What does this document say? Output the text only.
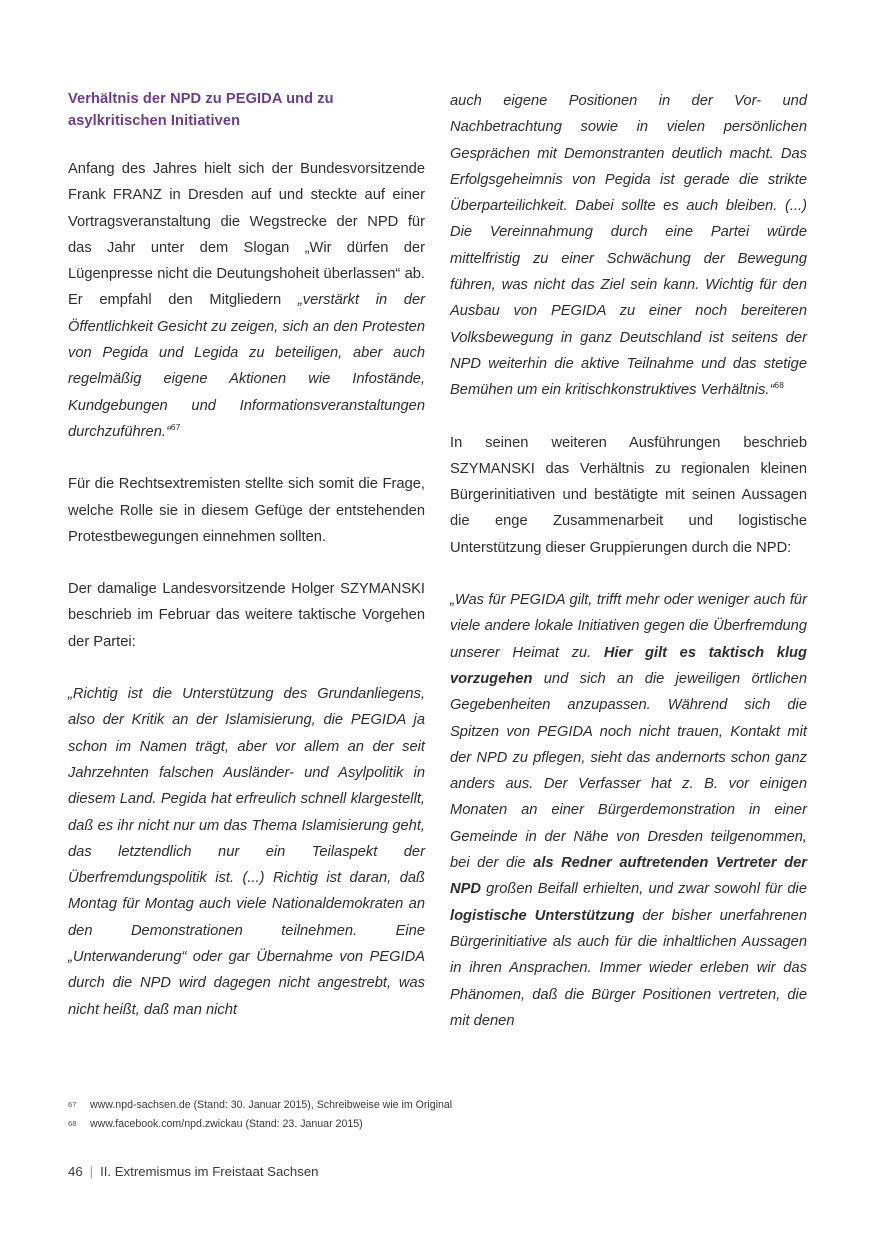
Verhältnis der NPD zu PEGIDA und zu asylkritischen Initiativen

Anfang des Jahres hielt sich der Bundesvorsitzende Frank FRANZ in Dresden auf und steckte auf einer Vortragsveranstaltung die Wegstrecke der NPD für das Jahr unter dem Slogan „Wir dürfen der Lügenpresse nicht die Deutungshoheit überlassen“ ab. Er empfahl den Mitgliedern „verstärkt in der Öffentlichkeit Gesicht zu zeigen, sich an den Protesten von Pegida und Legida zu beteiligen, aber auch regelmäßig eigene Aktionen wie Infostände, Kundgebungen und Informationsveranstaltungen durchzuführen.“$^{67}$

Für die Rechtsextremisten stellte sich somit die Frage, welche Rolle sie in diesem Gefüge der entstehenden Protestbewegungen einnehmen sollten.

Der damalige Landesvorsitzende Holger SZYMANSKI beschrieb im Februar das weitere taktische Vorgehen der Partei:

„Richtig ist die Unterstützung des Grundanliegens, also der Kritik an der Islamisierung, die PEGIDA ja schon im Namen trägt, aber vor allem an der seit Jahrzehnten falschen Ausländer- und Asylpolitik in diesem Land. Pegida hat erfreulich schnell klargestellt, daß es ihr nicht nur um das Thema Islamisierung geht, das letztendlich nur ein Teilaspekt der Überfremdungspolitik ist. (...) Richtig ist daran, daß Montag für Montag auch viele Nationaldemokraten an den Demonstrationen teilnehmen. Eine „Unterwanderung“ oder gar Übernahme von PEGIDA durch die NPD wird dagegen nicht angestrebt, was nicht heißt, daß man nicht

auch eigene Positionen in der Vor- und Nachbetrachtung sowie in vielen persönlichen Gesprächen mit Demonstranten deutlich macht. Das Erfolgsgeheimnis von Pegida ist gerade die strikte Überparteilichkeit. Dabei sollte es auch bleiben. (...) Die Vereinnahmung durch eine Partei würde mittelfristig zu einer Schwächung der Bewegung führen, was nicht das Ziel sein kann. Wichtig für den Ausbau von PEGIDA zu einer noch bereiteren Volksbewegung in ganz Deutschland ist seitens der NPD weiterhin die aktive Teilnahme und das stetige Bemühen um ein kritischkonstruktives Verhältnis.“$^{68}$

In seinen weiteren Ausführungen beschrieb SZYMANSKI das Verhältnis zu regionalen kleinen Bürgerinitiativen und bestätigte mit seinen Aussagen die enge Zusammenarbeit und logistische Unterstützung dieser Gruppierungen durch die NPD:

„Was für PEGIDA gilt, trifft mehr oder weniger auch für viele andere lokale Initiativen gegen die Überfremdung unserer Heimat zu. Hier gilt es taktisch klug vorzugehen und sich an die jeweiligen örtlichen Gegebenheiten anzupassen. Während sich die Spitzen von PEGIDA noch nicht trauen, Kontakt mit der NPD zu pflegen, sieht das andernorts schon ganz anders aus. Der Verfasser hat z. B. vor einigen Monaten an einer Bürgerdemonstration in einer Gemeinde in der Nähe von Dresden teilgenommen, bei der die als Redner auftretenden Vertreter der NPD großen Beifall erhielten, und zwar sowohl für die logistische Unterstützung der bisher unerfahrenen Bürgerinitiative als auch für die inhaltlichen Aussagen in ihren Ansprachen. Immer wieder erleben wir das Phänomen, daß die Bürger Positionen vertreten, die mit denen

67	www.npd-sachsen.de (Stand: 30. Januar 2015), Schreibweise wie im Original
68	www.facebook.com/npd.zwickau (Stand: 23. Januar 2015)
46 | II. Extremismus im Freistaat Sachsen
